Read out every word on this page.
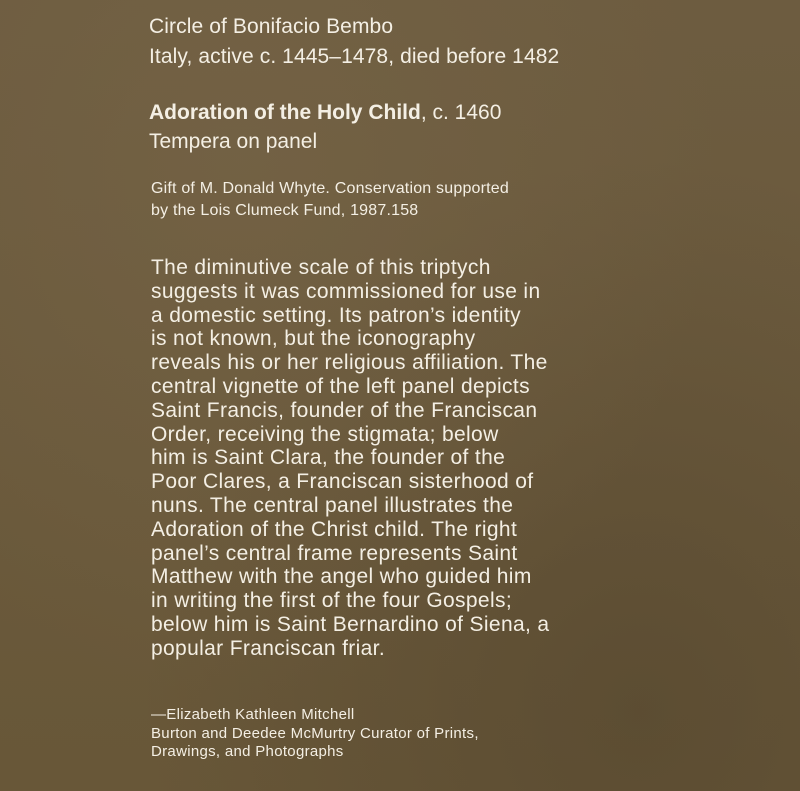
Circle of Bonifacio Bembo
Italy, active c. 1445–1478, died before 1482
Adoration of the Holy Child, c. 1460
Tempera on panel
Gift of M. Donald Whyte. Conservation supported
by the Lois Clumeck Fund, 1987.158
The diminutive scale of this triptych
suggests it was commissioned for use in
a domestic setting. Its patron’s identity
is not known, but the iconography
reveals his or her religious affiliation. The
central vignette of the left panel depicts
Saint Francis, founder of the Franciscan
Order, receiving the stigmata; below
him is Saint Clara, the founder of the
Poor Clares, a Franciscan sisterhood of
nuns. The central panel illustrates the
Adoration of the Christ child. The right
panel’s central frame represents Saint
Matthew with the angel who guided him
in writing the first of the four Gospels;
below him is Saint Bernardino of Siena, a
popular Franciscan friar.
—Elizabeth Kathleen Mitchell
Burton and Deedee McMurtry Curator of Prints,
Drawings, and Photographs
